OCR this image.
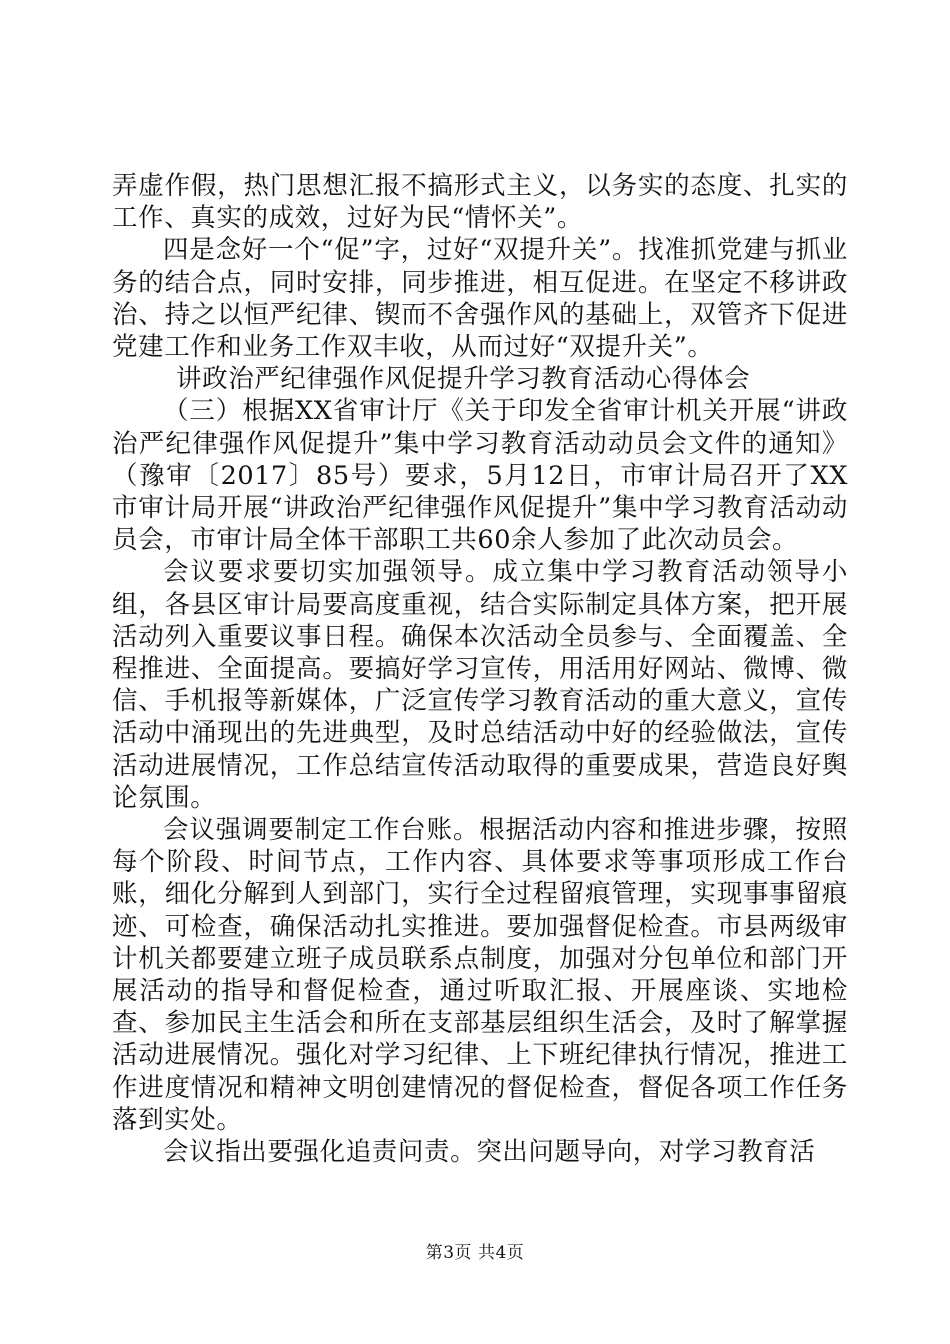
弄虚作假，热门思想汇报不搞形式主义，以务实的态度、扎实的工作、真实的成效，过好为民“情怀关”。

四是念好一个“促”字，过好“双提升关”。找准抓党建与抓业务的结合点，同时安排，同步推进，相互促进。在坚定不移讲政治、持之以恒严纪律、锲而不舍强作风的基础上，双管齐下促进党建工作和业务工作双丰收，从而过好“双提升关”。

讲政治严纪律强作风促提升学习教育活动心得体会

（三）根据XX省审计厅《关于印发全省审计机关开展“讲政治严纪律强作风促提升”集中学习教育活动动员会文件的通知》（豫审〔2017〕85号）要求，5月12日，市审计局召开了XX市审计局开展“讲政治严纪律强作风促提升”集中学习教育活动动员会，市审计局全体干部职工共60余人参加了此次动员会。

会议要求要切实加强领导。成立集中学习教育活动领导小组，各县区审计局要高度重视，结合实际制定具体方案，把开展活动列入重要议事日程。确保本次活动全员参与、全面覆盖、全程推进、全面提高。要搞好学习宣传，用活用好网站、微博、微信、手机报等新媒体，广泛宣传学习教育活动的重大意义，宣传活动中涌现出的先进典型，及时总结活动中好的经验做法，宣传活动进展情况，工作总结宣传活动取得的重要成果，营造良好舆论氛围。

会议强调要制定工作台账。根据活动内容和推进步骤，按照每个阶段、时间节点，工作内容、具体要求等事项形成工作台账，细化分解到人到部门，实行全过程留痕管理，实现事事留痕迹、可检查，确保活动扎实推进。要加强督促检查。市县两级审计机关都要建立班子成员联系点制度，加强对分包单位和部门开展活动的指导和督促检查，通过听取汇报、开展座谈、实地检查、参加民主生活会和所在支部基层组织生活会，及时了解掌握活动进展情况。强化对学习纪律、上下班纪律执行情况，推进工作进度情况和精神文明创建情况的督促检查，督促各项工作任务落到实处。

会议指出要强化追责问责。突出问题导向，对学习教育活

第3页 共4页
